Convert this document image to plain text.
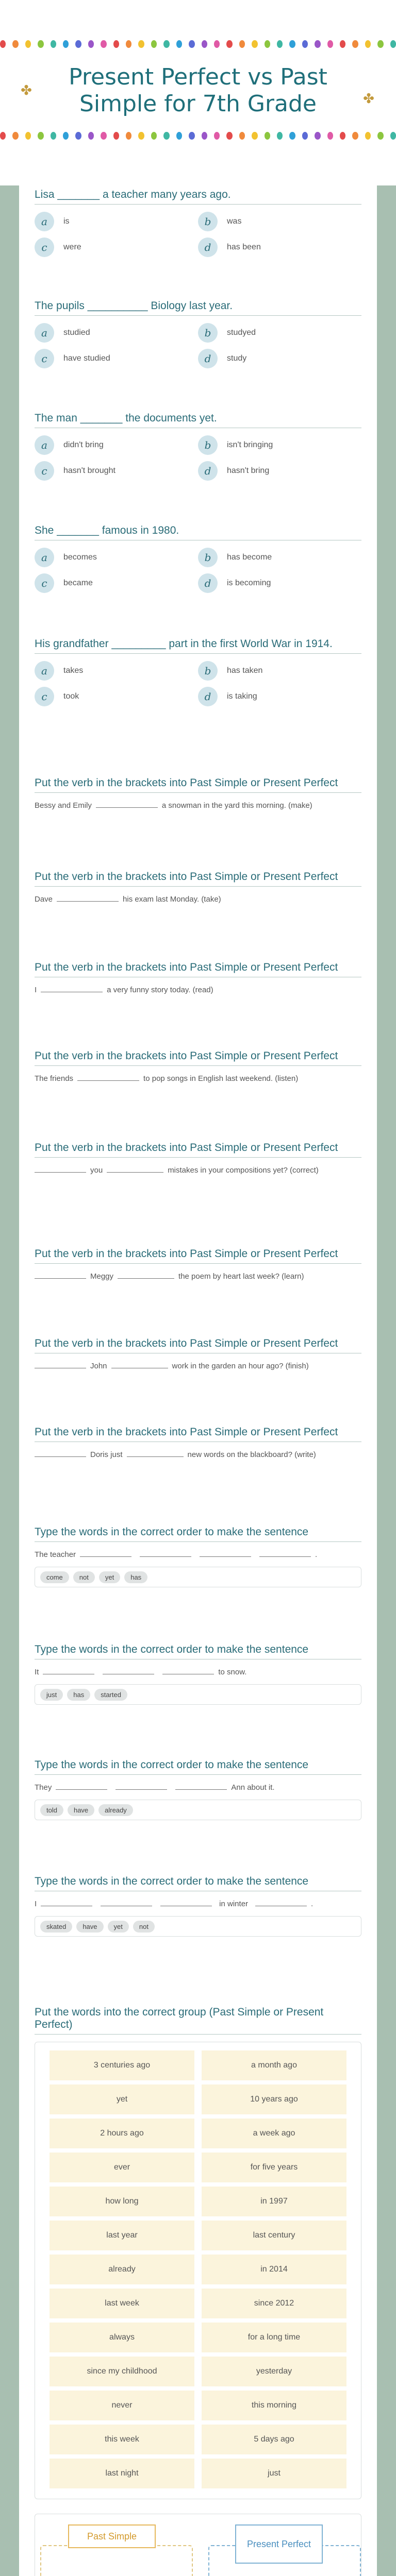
Present Perfect vs Past Simple for 7th Grade
✤
✤
Lisa _______ a teacher many years ago.
a	is	b	was
c	were	d	has been
The pupils __________ Biology last year.
a	studied	b	studyed
c	have studied	d	study
The man _______ the documents yet.
a	didn't bring	b	isn't bringing
c	hasn't brought	d	hasn't bring
She _______ famous in 1980.
a	becomes	b	has become
c	became	d	is becoming
His grandfather _________ part in the first World War in 1914.
a	takes	b	has taken
c	took	d	is taking
Put the verb in the brackets into Past Simple or Present Perfect
Bessy and Emily	a snowman in the yard this morning. (make)
Put the verb in the brackets into Past Simple or Present Perfect
Dave	his exam last Monday. (take)
Put the verb in the brackets into Past Simple or Present Perfect
I	a very funny story today. (read)
Put the verb in the brackets into Past Simple or Present Perfect
The friends	to pop songs in English last weekend. (listen)
Put the verb in the brackets into Past Simple or Present Perfect
you	mistakes in your compositions yet? (correct)
Put the verb in the brackets into Past Simple or Present Perfect
Meggy	the poem by heart last week? (learn)
Put the verb in the brackets into Past Simple or Present Perfect
John	work in the garden an hour ago? (finish)
Put the verb in the brackets into Past Simple or Present Perfect
Doris just	new words on the blackboard? (write)
Type the words in the correct order to make the sentence
The teacher	.
come	not	yet	has
Type the words in the correct order to make the sentence
It	to snow.
just	has	started
Type the words in the correct order to make the sentence
They	Ann about it.
told	have	already
Type the words in the correct order to make the sentence
I	in winter	.
skated	have	yet	not
Put the words into the correct group (Past Simple or Present Perfect)
3 centuries ago	a month ago
yet	10 years ago
2 hours ago	a week ago
ever	for five years
how long	in 1997
last year	last century
already	in 2014
last week	since 2012
always	for a long time
since my childhood	yesterday
never	this morning
this week	5 days ago
last night	just
Past Simple
Present Perfect
